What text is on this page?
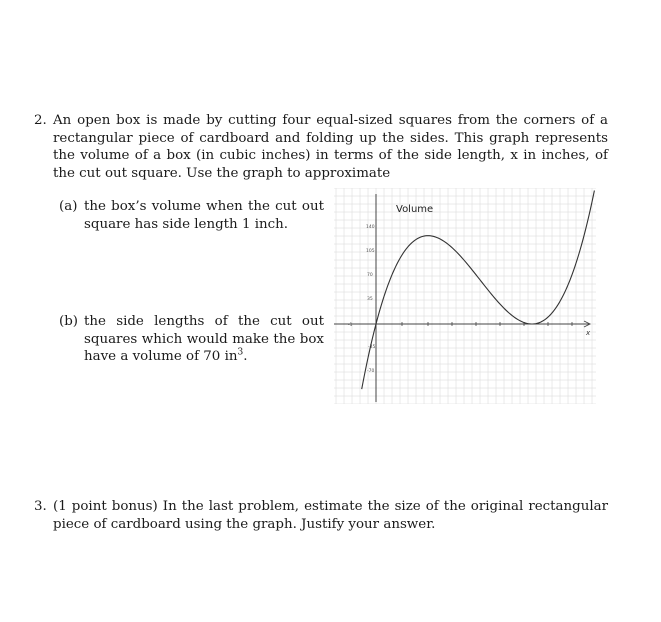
2. An open box is made by cutting four equal-sized squares from the corners of a rectangular piece of cardboard and folding up the sides. This graph represents the volume of a box (in cubic inches) in terms of the side length, x in inches, of the cut out square. Use the graph to approximate
(a) the box’s volume when the cut out square has side length 1 inch.
(b) the side lengths of the cut out squares which would make the box have a volume of 70 $in^3$.
-1
x
Volume
140
105
70
35
-35
-70
3. (1 point bonus) In the last problem, estimate the size of the original rectangular piece of cardboard using the graph. Justify your answer.
